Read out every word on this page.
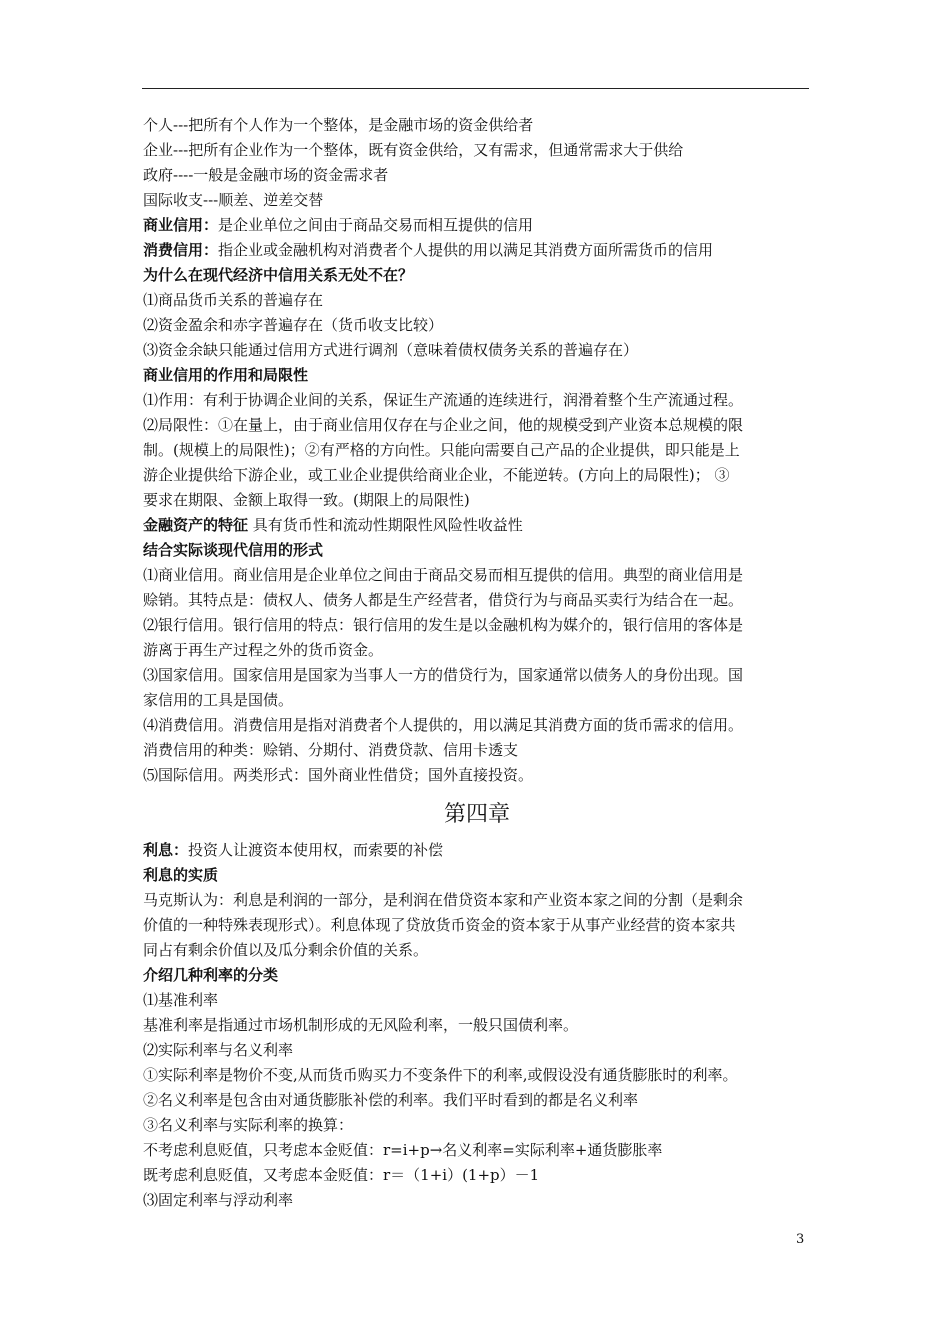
个人---把所有个人作为一个整体，是金融市场的资金供给者
企业---把所有企业作为一个整体，既有资金供给，又有需求，但通常需求大于供给
政府----一般是金融市场的资金需求者
国际收支---顺差、逆差交替
商业信用：是企业单位之间由于商品交易而相互提供的信用
消费信用：指企业或金融机构对消费者个人提供的用以满足其消费方面所需货币的信用
为什么在现代经济中信用关系无处不在？
⑴商品货币关系的普遍存在
⑵资金盈余和赤字普遍存在（货币收支比较）
⑶资金余缺只能通过信用方式进行调剂（意味着债权债务关系的普遍存在）
商业信用的作用和局限性
⑴作用：有利于协调企业间的关系，保证生产流通的连续进行，润滑着整个生产流通过程。
⑵局限性：①在量上，由于商业信用仅存在与企业之间，他的规模受到产业资本总规模的限
制。(规模上的局限性)；②有严格的方向性。只能向需要自己产品的企业提供，即只能是上
游企业提供给下游企业，或工业企业提供给商业企业，不能逆转。(方向上的局限性)； ③
要求在期限、金额上取得一致。(期限上的局限性)
金融资产的特征 具有货币性和流动性期限性风险性收益性
结合实际谈现代信用的形式
⑴商业信用。商业信用是企业单位之间由于商品交易而相互提供的信用。典型的商业信用是
赊销。其特点是：债权人、债务人都是生产经营者，借贷行为与商品买卖行为结合在一起。
⑵银行信用。银行信用的特点：银行信用的发生是以金融机构为媒介的，银行信用的客体是
游离于再生产过程之外的货币资金。
⑶国家信用。国家信用是国家为当事人一方的借贷行为，国家通常以债务人的身份出现。国
家信用的工具是国债。
⑷消费信用。消费信用是指对消费者个人提供的，用以满足其消费方面的货币需求的信用。
消费信用的种类：赊销、分期付、消费贷款、信用卡透支
⑸国际信用。两类形式：国外商业性借贷；国外直接投资。
第四章
利息：投资人让渡资本使用权，而索要的补偿
利息的实质
马克斯认为：利息是利润的一部分，是利润在借贷资本家和产业资本家之间的分割（是剩余
价值的一种特殊表现形式）。利息体现了贷放货币资金的资本家于从事产业经营的资本家共
同占有剩余价值以及瓜分剩余价值的关系。
介绍几种利率的分类
⑴基准利率
基准利率是指通过市场机制形成的无风险利率，一般只国债利率。
⑵实际利率与名义利率
①实际利率是物价不变,从而货币购买力不变条件下的利率,或假设没有通货膨胀时的利率。
②名义利率是包含由对通货膨胀补偿的利率。我们平时看到的都是名义利率
③名义利率与实际利率的换算：
不考虑利息贬值，只考虑本金贬值：r=i+p→名义利率=实际利率+通货膨胀率
既考虑利息贬值，又考虑本金贬值：r＝（1+i）(1+p）－1
⑶固定利率与浮动利率
3
